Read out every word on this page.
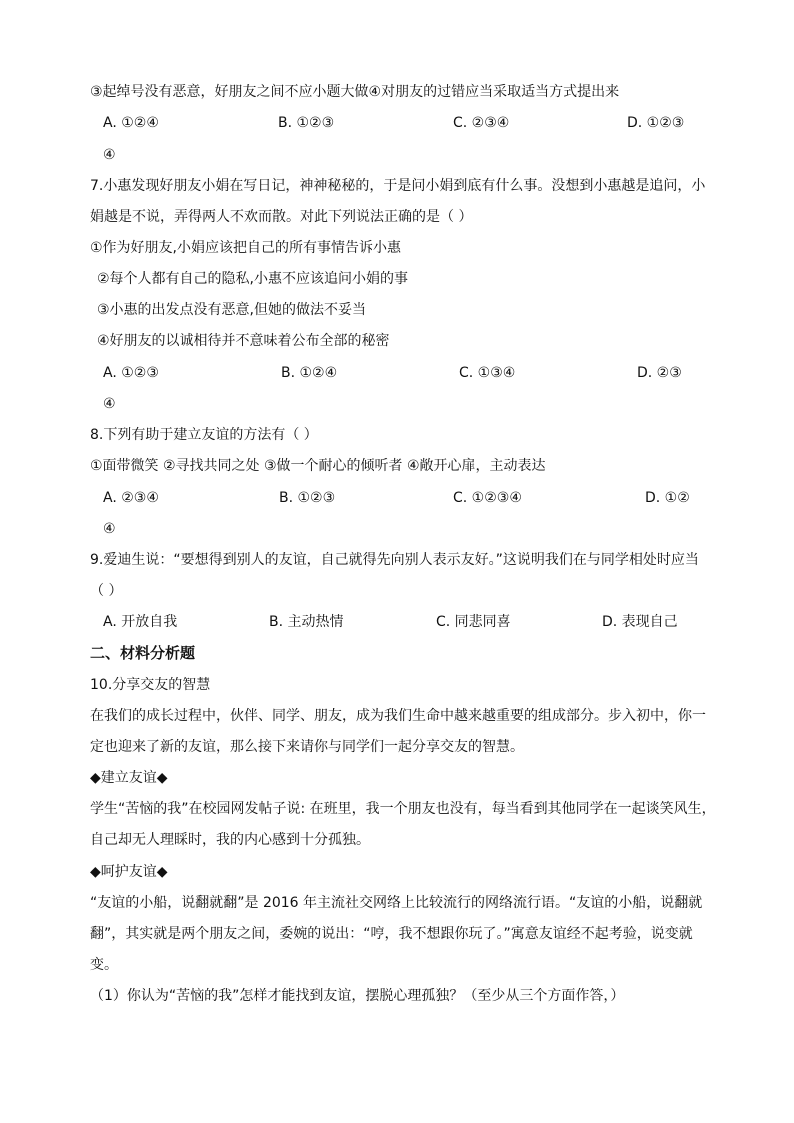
③起绰号没有恶意，好朋友之间不应小题大做④对朋友的过错应当采取适当方式提出来
A. ①②④	B. ①②③	C. ②③④	D. ①②③
④
7.小惠发现好朋友小娟在写日记，神神秘秘的，于是问小娟到底有什么事。没想到小惠越是追问，小
娟越是不说，弄得两人不欢而散。对此下列说法正确的是（ ）
①作为好朋友,小娟应该把自己的所有事情告诉小惠
②每个人都有自己的隐私,小惠不应该追问小娟的事
③小惠的出发点没有恶意,但她的做法不妥当
④好朋友的以诚相待并不意味着公布全部的秘密
A. ①②③	B. ①②④	C. ①③④	D. ②③
④
8.下列有助于建立友谊的方法有（ ）
①面带微笑 ②寻找共同之处 ③做一个耐心的倾听者 ④敞开心扉，主动表达
A. ②③④	B. ①②③	C. ①②③④	D. ①②
④
9.爱迪生说：“要想得到别人的友谊，自己就得先向别人表示友好。”这说明我们在与同学相处时应当
（ ）
A. 开放自我	B. 主动热情	C. 同悲同喜	D. 表现自己
二、材料分析题
10.分享交友的智慧
在我们的成长过程中，伙伴、同学、朋友，成为我们生命中越来越重要的组成部分。步入初中，你一
定也迎来了新的友谊，那么接下来请你与同学们一起分享交友的智慧。
◆建立友谊◆
学生“苦恼的我”在校园网发帖子说: 在班里，我一个朋友也没有，每当看到其他同学在一起谈笑风生，
自己却无人理睬时，我的内心感到十分孤独。
◆呵护友谊◆
“友谊的小船，说翻就翻”是 2016 年主流社交网络上比较流行的网络流行语。“友谊的小船，说翻就
翻”，其实就是两个朋友之间，委婉的说出：“哼，我不想跟你玩了。”寓意友谊经不起考验，说变就
变。
（1）你认为“苦恼的我”怎样才能找到友谊，摆脱心理孤独？（至少从三个方面作答，）
